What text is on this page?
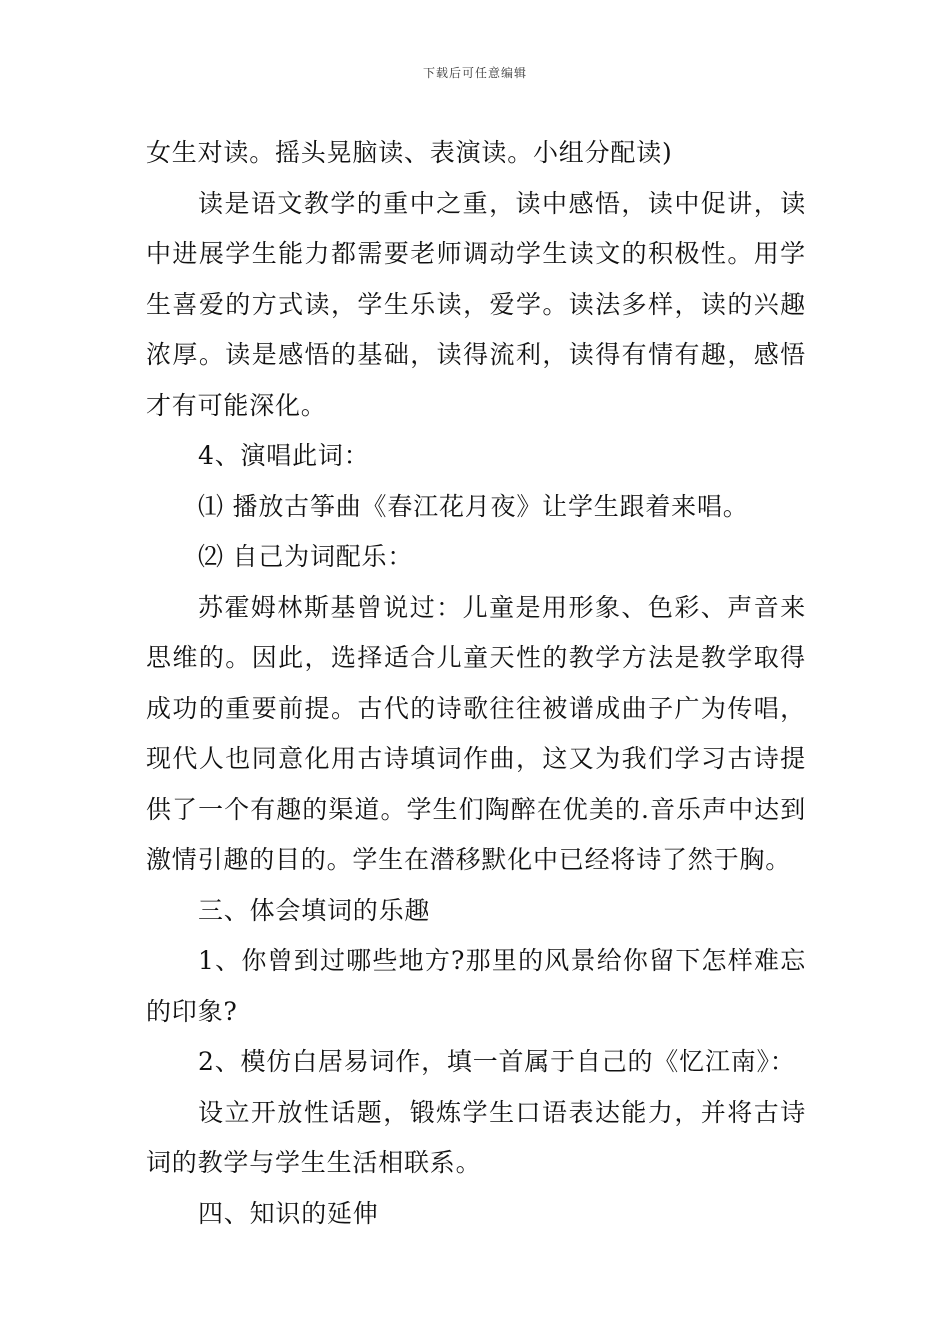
下载后可任意编辑

女生对读。摇头晃脑读、表演读。小组分配读)

读是语文教学的重中之重，读中感悟，读中促讲，读中进展学生能力都需要老师调动学生读文的积极性。用学生喜爱的方式读，学生乐读，爱学。读法多样，读的兴趣浓厚。读是感悟的基础，读得流利，读得有情有趣，感悟才有可能深化。

4、演唱此词：

⑴ 播放古筝曲《春江花月夜》让学生跟着来唱。

⑵ 自己为词配乐：

苏霍姆林斯基曾说过：儿童是用形象、色彩、声音来思维的。因此，选择适合儿童天性的教学方法是教学取得成功的重要前提。古代的诗歌往往被谱成曲子广为传唱，现代人也同意化用古诗填词作曲，这又为我们学习古诗提供了一个有趣的渠道。学生们陶醉在优美的.音乐声中达到激情引趣的目的。学生在潜移默化中已经将诗了然于胸。

三、体会填词的乐趣

1、你曾到过哪些地方?那里的风景给你留下怎样难忘的印象?

2、模仿白居易词作，填一首属于自己的《忆江南》：

设立开放性话题，锻炼学生口语表达能力，并将古诗词的教学与学生生活相联系。

四、知识的延伸
